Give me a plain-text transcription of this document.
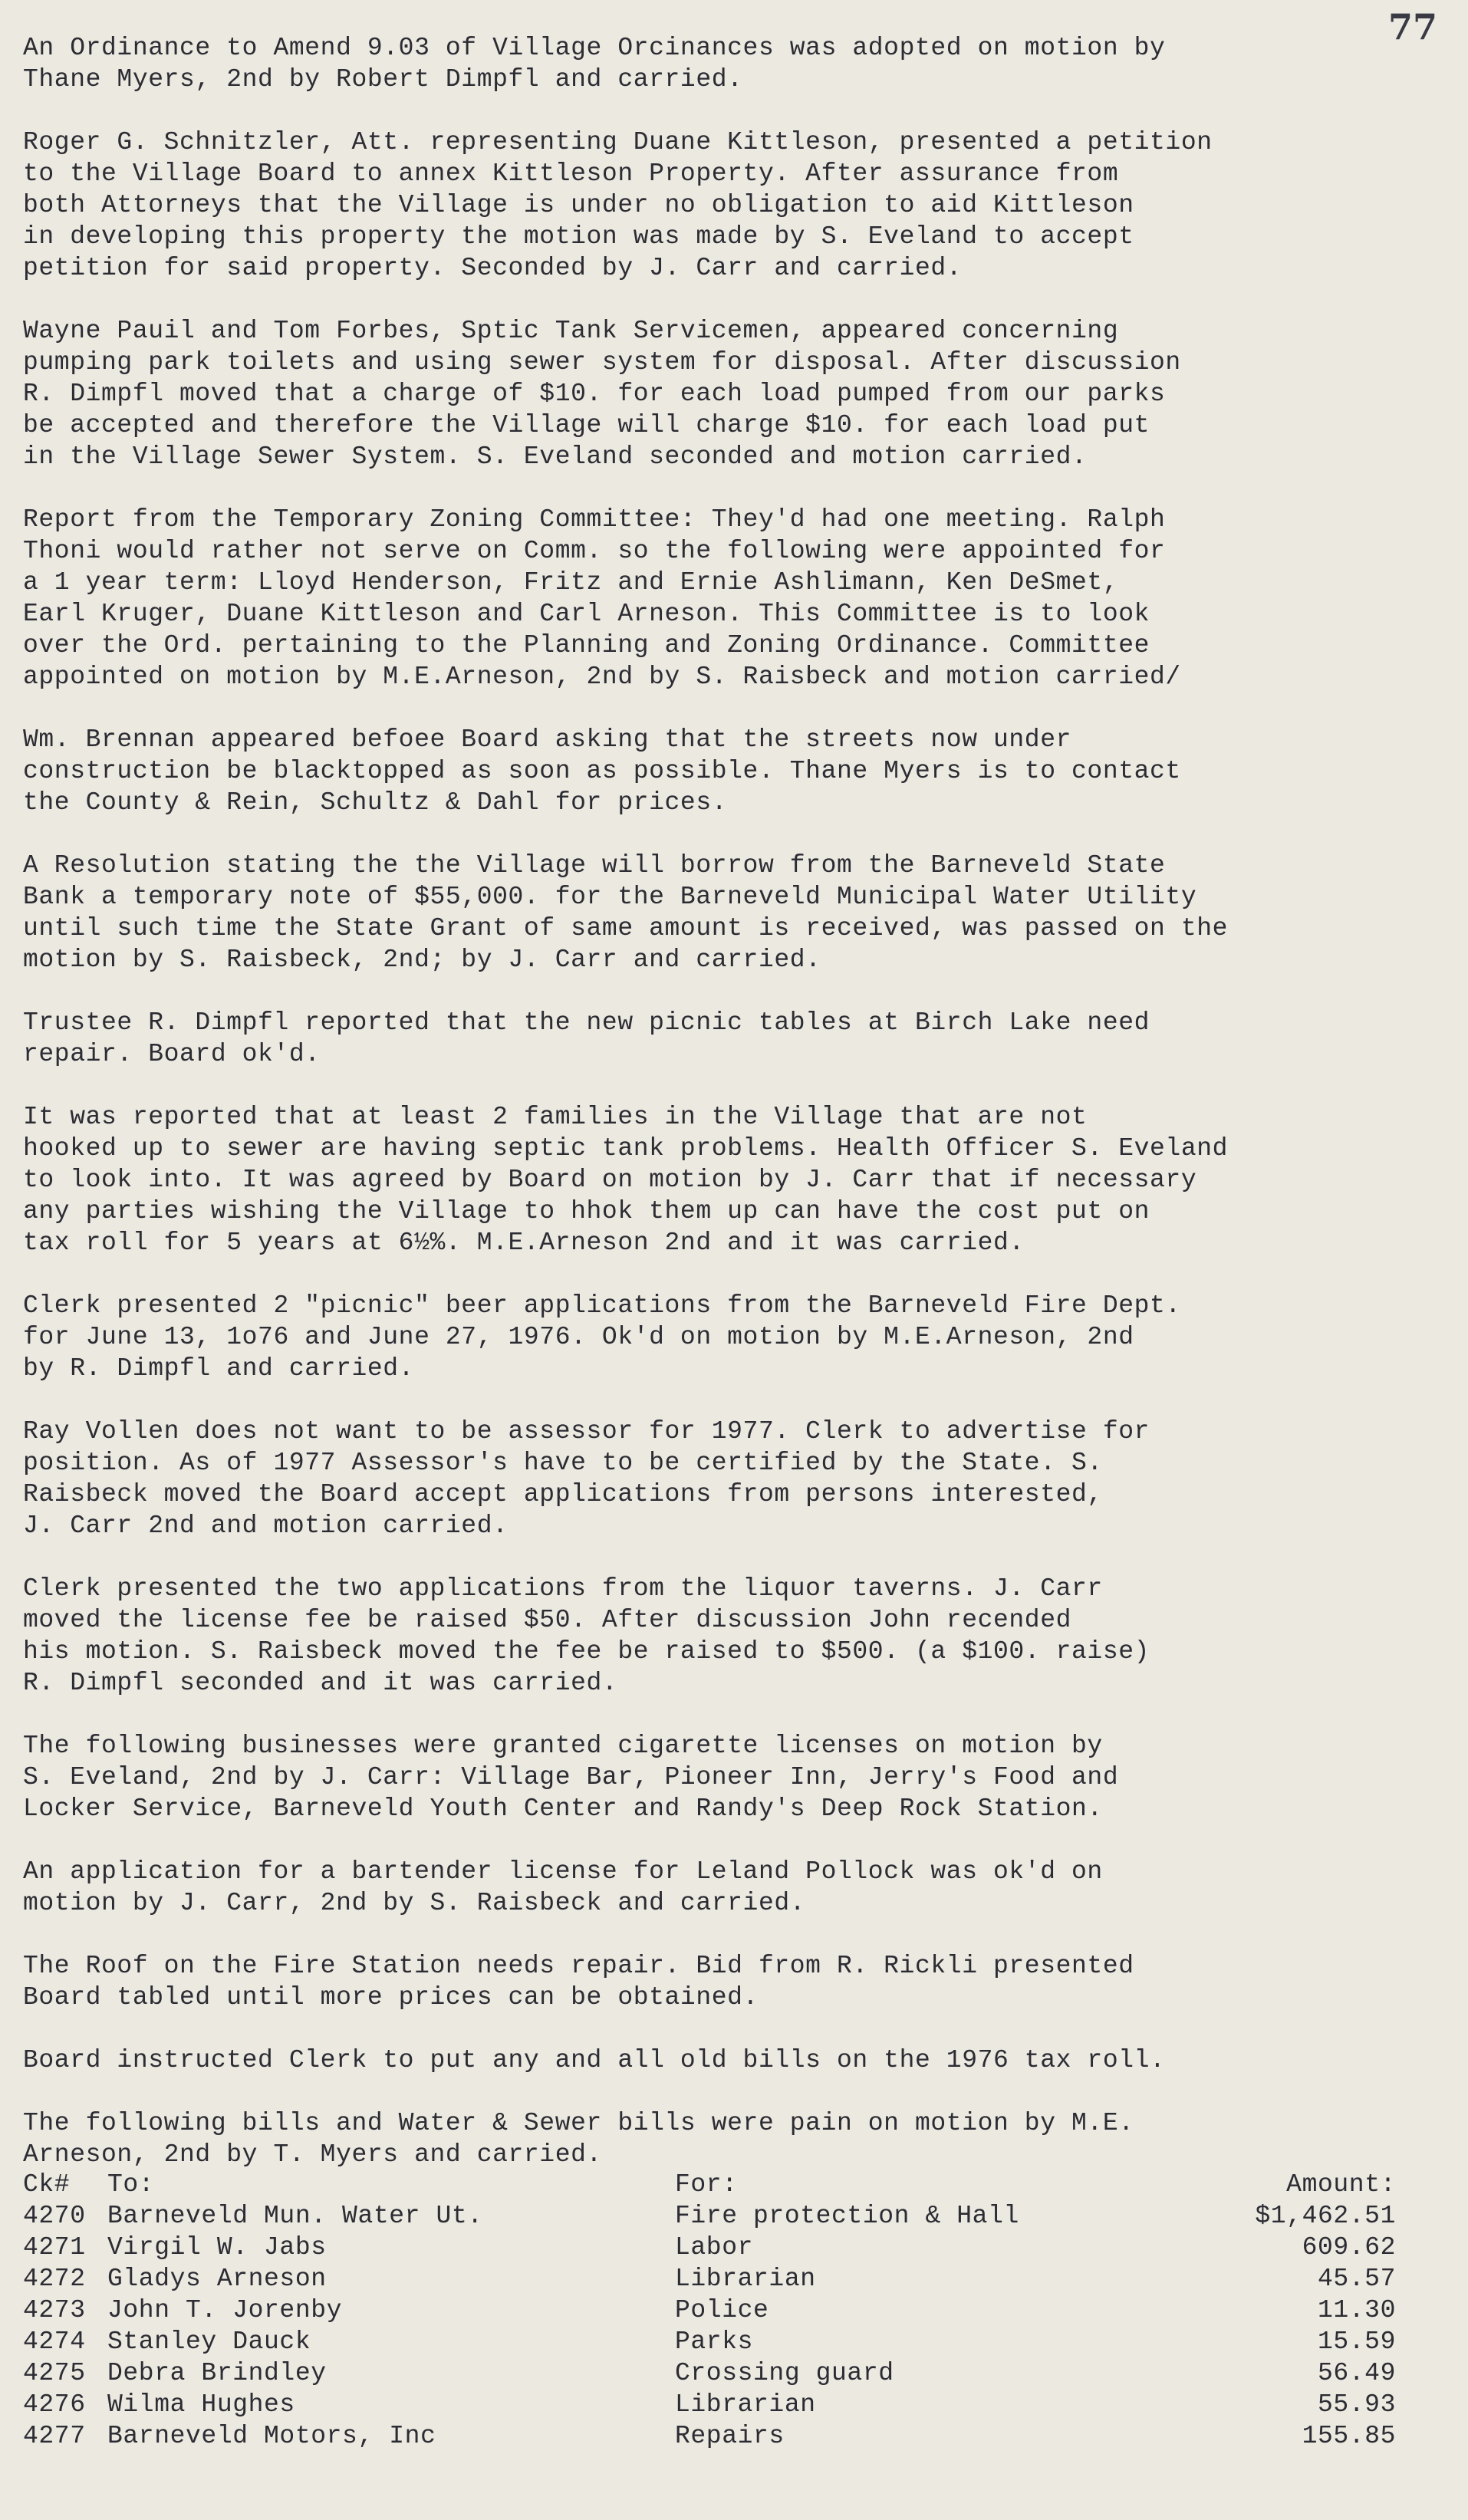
77

An Ordinance to Amend 9.03 of Village Orcinances was adopted on motion by
Thane Myers, 2nd by Robert Dimpfl and carried.

Roger G. Schnitzler, Att. representing Duane Kittleson, presented a petition
to the Village Board to annex Kittleson Property. After assurance from
both Attorneys that the Village is under no obligation to aid Kittleson
in developing this property the motion was made by S. Eveland to accept
petition for said property. Seconded by J. Carr and carried.

Wayne Pauil and Tom Forbes, Sptic Tank Servicemen, appeared concerning
pumping park toilets and using sewer system for disposal. After discussion
R. Dimpfl moved that a charge of $10. for each load pumped from our parks
be accepted and therefore the Village will charge $10. for each load put
in the Village Sewer System. S. Eveland seconded and motion carried.

Report from the Temporary Zoning Committee: They'd had one meeting. Ralph
Thoni would rather not serve on Comm. so the following were appointed for
a 1 year term: Lloyd Henderson, Fritz and Ernie Ashlimann, Ken DeSmet,
Earl Kruger, Duane Kittleson and Carl Arneson. This Committee is to look
over the Ord. pertaining to the Planning and Zoning Ordinance. Committee
appointed on motion by M.E.Arneson, 2nd by S. Raisbeck and motion carried/

Wm. Brennan appeared befoee Board asking that the streets now under
construction be blacktopped as soon as possible. Thane Myers is to contact
the County & Rein, Schultz & Dahl for prices.

A Resolution stating the the Village will borrow from the Barneveld State
Bank a temporary note of $55,000. for the Barneveld Municipal Water Utility
until such time the State Grant of same amount is received, was passed on the
motion by S. Raisbeck, 2nd; by J. Carr and carried.

Trustee R. Dimpfl reported that the new picnic tables at Birch Lake need
repair. Board ok'd.

It was reported that at least 2 families in the Village that are not
hooked up to sewer are having septic tank problems. Health Officer S. Eveland
to look into. It was agreed by Board on motion by J. Carr that if necessary
any parties wishing the Village to hhok them up can have the cost put on
tax roll for 5 years at 6½%. M.E.Arneson 2nd and it was carried.

Clerk presented 2 "picnic" beer applications from the Barneveld Fire Dept.
for June 13, 1o76 and June 27, 1976. Ok'd on motion by M.E.Arneson, 2nd
by R. Dimpfl and carried.

Ray Vollen does not want to be assessor for 1977. Clerk to advertise for
position. As of 1977 Assessor's have to be certified by the State. S.
Raisbeck moved the Board accept applications from persons interested,
J. Carr 2nd and motion carried.

Clerk presented the two applications from the liquor taverns. J. Carr
moved the license fee be raised $50. After discussion John recended
his motion. S. Raisbeck moved the fee be raised to $500. (a $100. raise)
R. Dimpfl seconded and it was carried.

The following businesses were granted cigarette licenses on motion by
S. Eveland, 2nd by J. Carr: Village Bar, Pioneer Inn, Jerry's Food and
Locker Service, Barneveld Youth Center and Randy's Deep Rock Station.

An application for a bartender license for Leland Pollock was ok'd on
motion by J. Carr, 2nd by S. Raisbeck and carried.

The Roof on the Fire Station needs repair. Bid from R. Rickli presented
Board tabled until more prices can be obtained.

Board instructed Clerk to put any and all old bills on the 1976 tax roll.

The following bills and Water & Sewer bills were pain on motion by M.E.
Arneson, 2nd by T. Myers and carried.

Ck#	To:	For:	Amount:
4270 Barneveld Mun. Water Ut.	Fire protection & Hall	$1,462.51
4271 Virgil W. Jabs	Labor	609.62
4272 Gladys Arneson	Librarian	45.57
4273 John T. Jorenby	Police	11.30
4274 Stanley Dauck	Parks	15.59
4275 Debra Brindley	Crossing guard	56.49
4276 Wilma Hughes	Librarian	55.93
4277 Barneveld Motors, Inc	Repairs	155.85
